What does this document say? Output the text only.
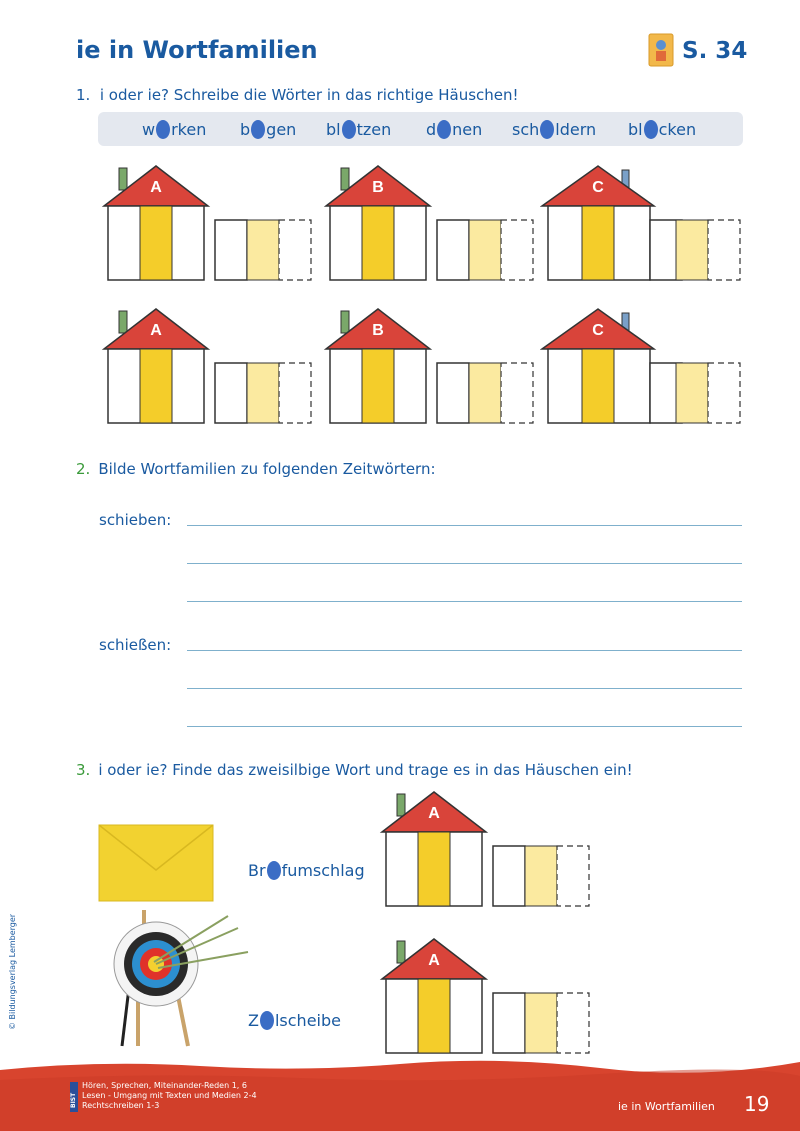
ie in Wortfamilien	S. 34
1. i oder ie? Schreibe die Wörter in das richtige Häuschen!
w rken b gen bl tzen d nen sch ldern bl cken
A	B	C
A	B	C
2. Bilde Wortfamilien zu folgenden Zeitwörtern:
schieben:
schießen:
3. i oder ie? Finde das zweisilbige Wort und trage es in das Häuschen ein!
Br fumschlag
Z lscheibe
A
A
© Bildungsverlag Lemberger
BIST
Hören, Sprechen, Miteinander-Reden 1, 6
Lesen - Umgang mit Texten und Medien 2-4
Rechtschreiben 1-3	ie in Wortfamilien 19
